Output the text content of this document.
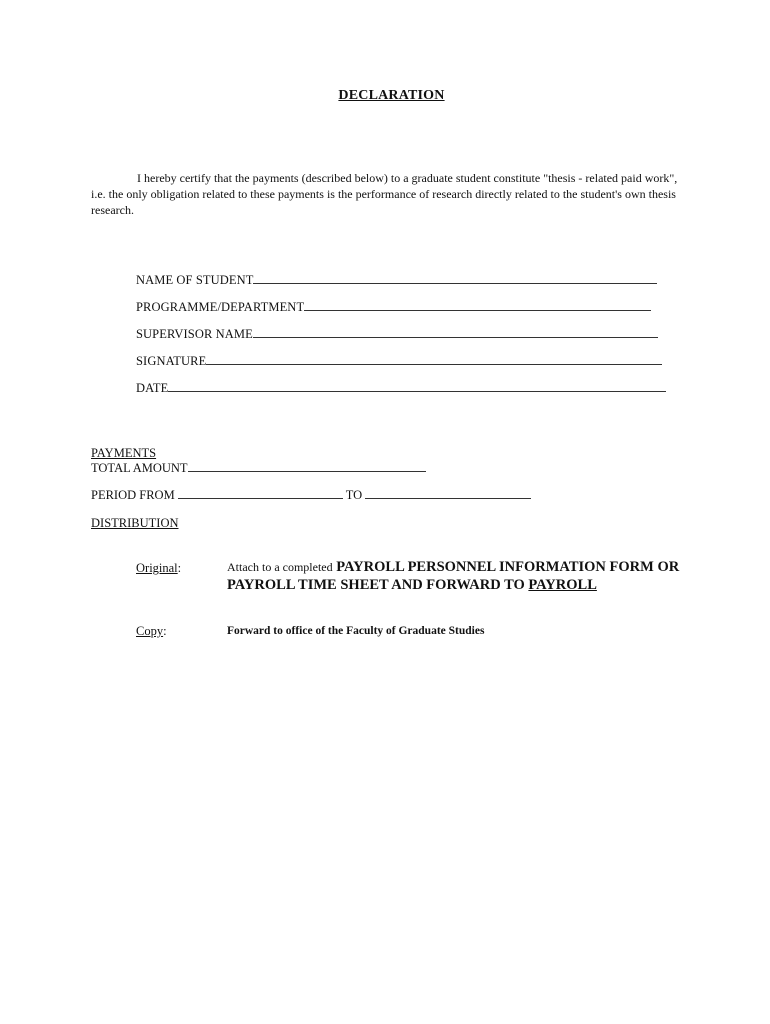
DECLARATION
I hereby certify that the payments (described below) to a graduate student constitute "thesis - related paid work", i.e. the only obligation related to these payments is the performance of research directly related to the student's own thesis research.
NAME OF STUDENT
PROGRAMME/DEPARTMENT
SUPERVISOR NAME
SIGNATURE
DATE
PAYMENTS
TOTAL AMOUNT
PERIOD FROM	TO
DISTRIBUTION
Original:	Attach to a completed PAYROLL PERSONNEL INFORMATION FORM OR PAYROLL TIME SHEET AND FORWARD TO PAYROLL
Copy:	Forward to office of the Faculty of Graduate Studies
